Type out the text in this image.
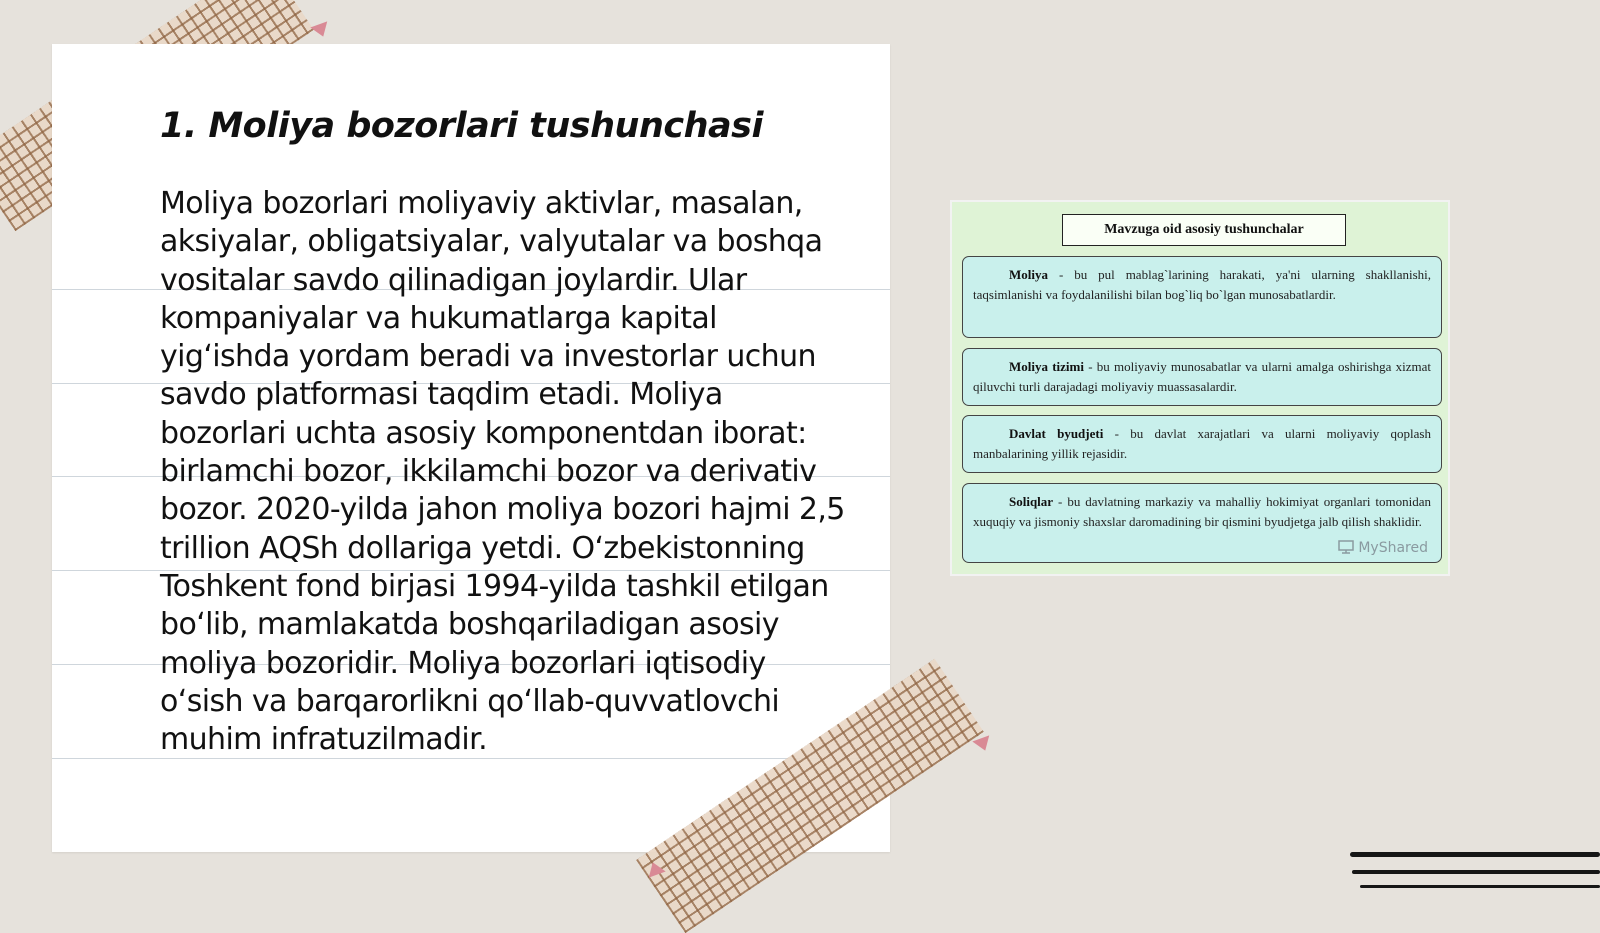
1. Moliya bozorlari tushunchasi

Moliya bozorlari moliyaviy aktivlar, masalan, aksiyalar, obligatsiyalar, valyutalar va boshqa vositalar savdo qilinadigan joylardir. Ular kompaniyalar va hukumatlarga kapital yig‘ishda yordam beradi va investorlar uchun savdo platformasi taqdim etadi. Moliya bozorlari uchta asosiy komponentdan iborat: birlamchi bozor, ikkilamchi bozor va derivativ bozor. 2020-yilda jahon moliya bozori hajmi 2,5 trillion AQSh dollariga yetdi. O‘zbekistonning Toshkent fond birjasi 1994-yilda tashkil etilgan bo‘lib, mamlakatda boshqariladigan asosiy moliya bozoridir. Moliya bozorlari iqtisodiy o‘sish va barqarorlikni qo‘llab-quvvatlovchi muhim infratuzilmadir.

Mavzuga oid asosiy tushunchalar
Moliya - bu pul mablag`larining harakati, ya'ni ularning shakllanishi, taqsimlanishi va foydalanilishi bilan bog`liq bo`lgan munosabatlardir.
Moliya tizimi - bu moliyaviy munosabatlar va ularni amalga oshirishga xizmat qiluvchi turli darajadagi moliyaviy muassasalardir.
Davlat byudjeti - bu davlat xarajatlari va ularni moliyaviy qoplash manbalarining yillik rejasidir.
Soliqlar - bu davlatning markaziy va mahalliy hokimiyat organlari tomonidan xuquqiy va jismoniy shaxslar daromadining bir qismini byudjetga jalb qilish shaklidir.
MyShared
